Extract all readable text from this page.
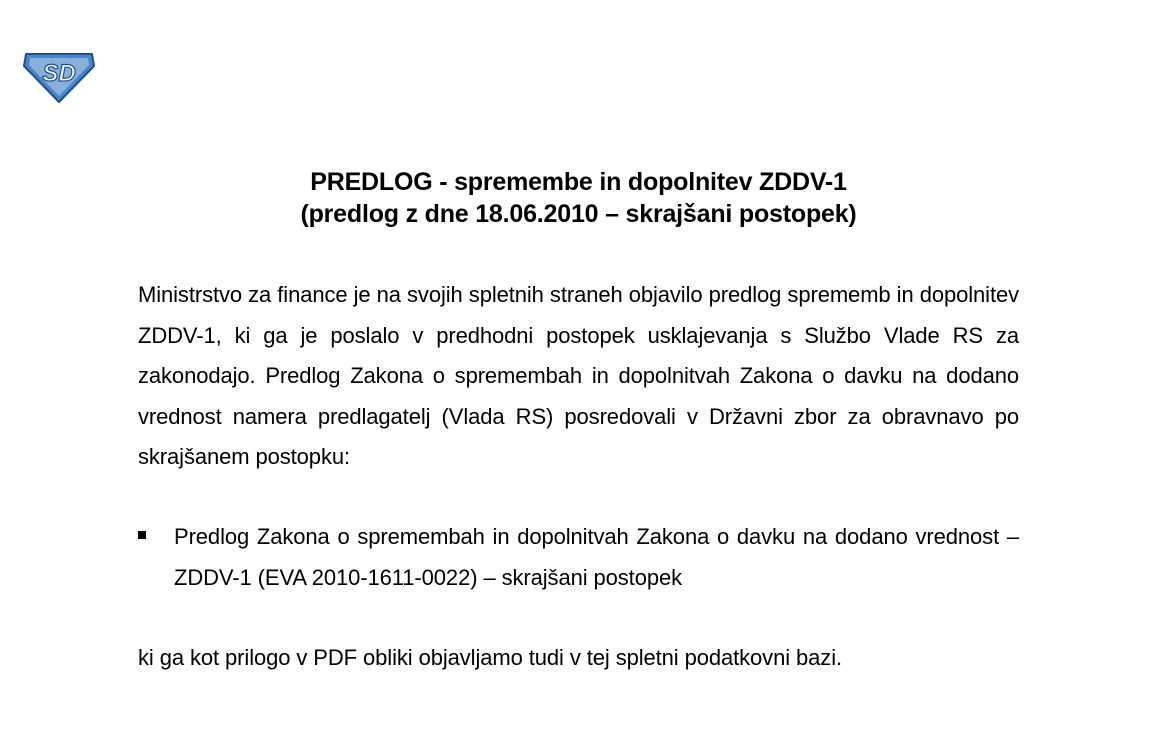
SD
PREDLOG - spremembe in dopolnitev ZDDV-1
(predlog z dne 18.06.2010 – skrajšani postopek)
Ministrstvo za finance je na svojih spletnih straneh objavilo predlog sprememb in dopolnitev ZDDV-1, ki ga je poslalo v predhodni postopek usklajevanja s Službo Vlade RS za zakonodajo. Predlog Zakona o spremembah in dopolnitvah Zakona o davku na dodano vrednost namera predlagatelj (Vlada RS) posredovali v Državni zbor za obravnavo po skrajšanem postopku:
Predlog Zakona o spremembah in dopolnitvah Zakona o davku na dodano vrednost – ZDDV-1 (EVA 2010-1611-0022) – skrajšani postopek
ki ga kot prilogo v PDF obliki objavljamo tudi v tej spletni podatkovni bazi.
